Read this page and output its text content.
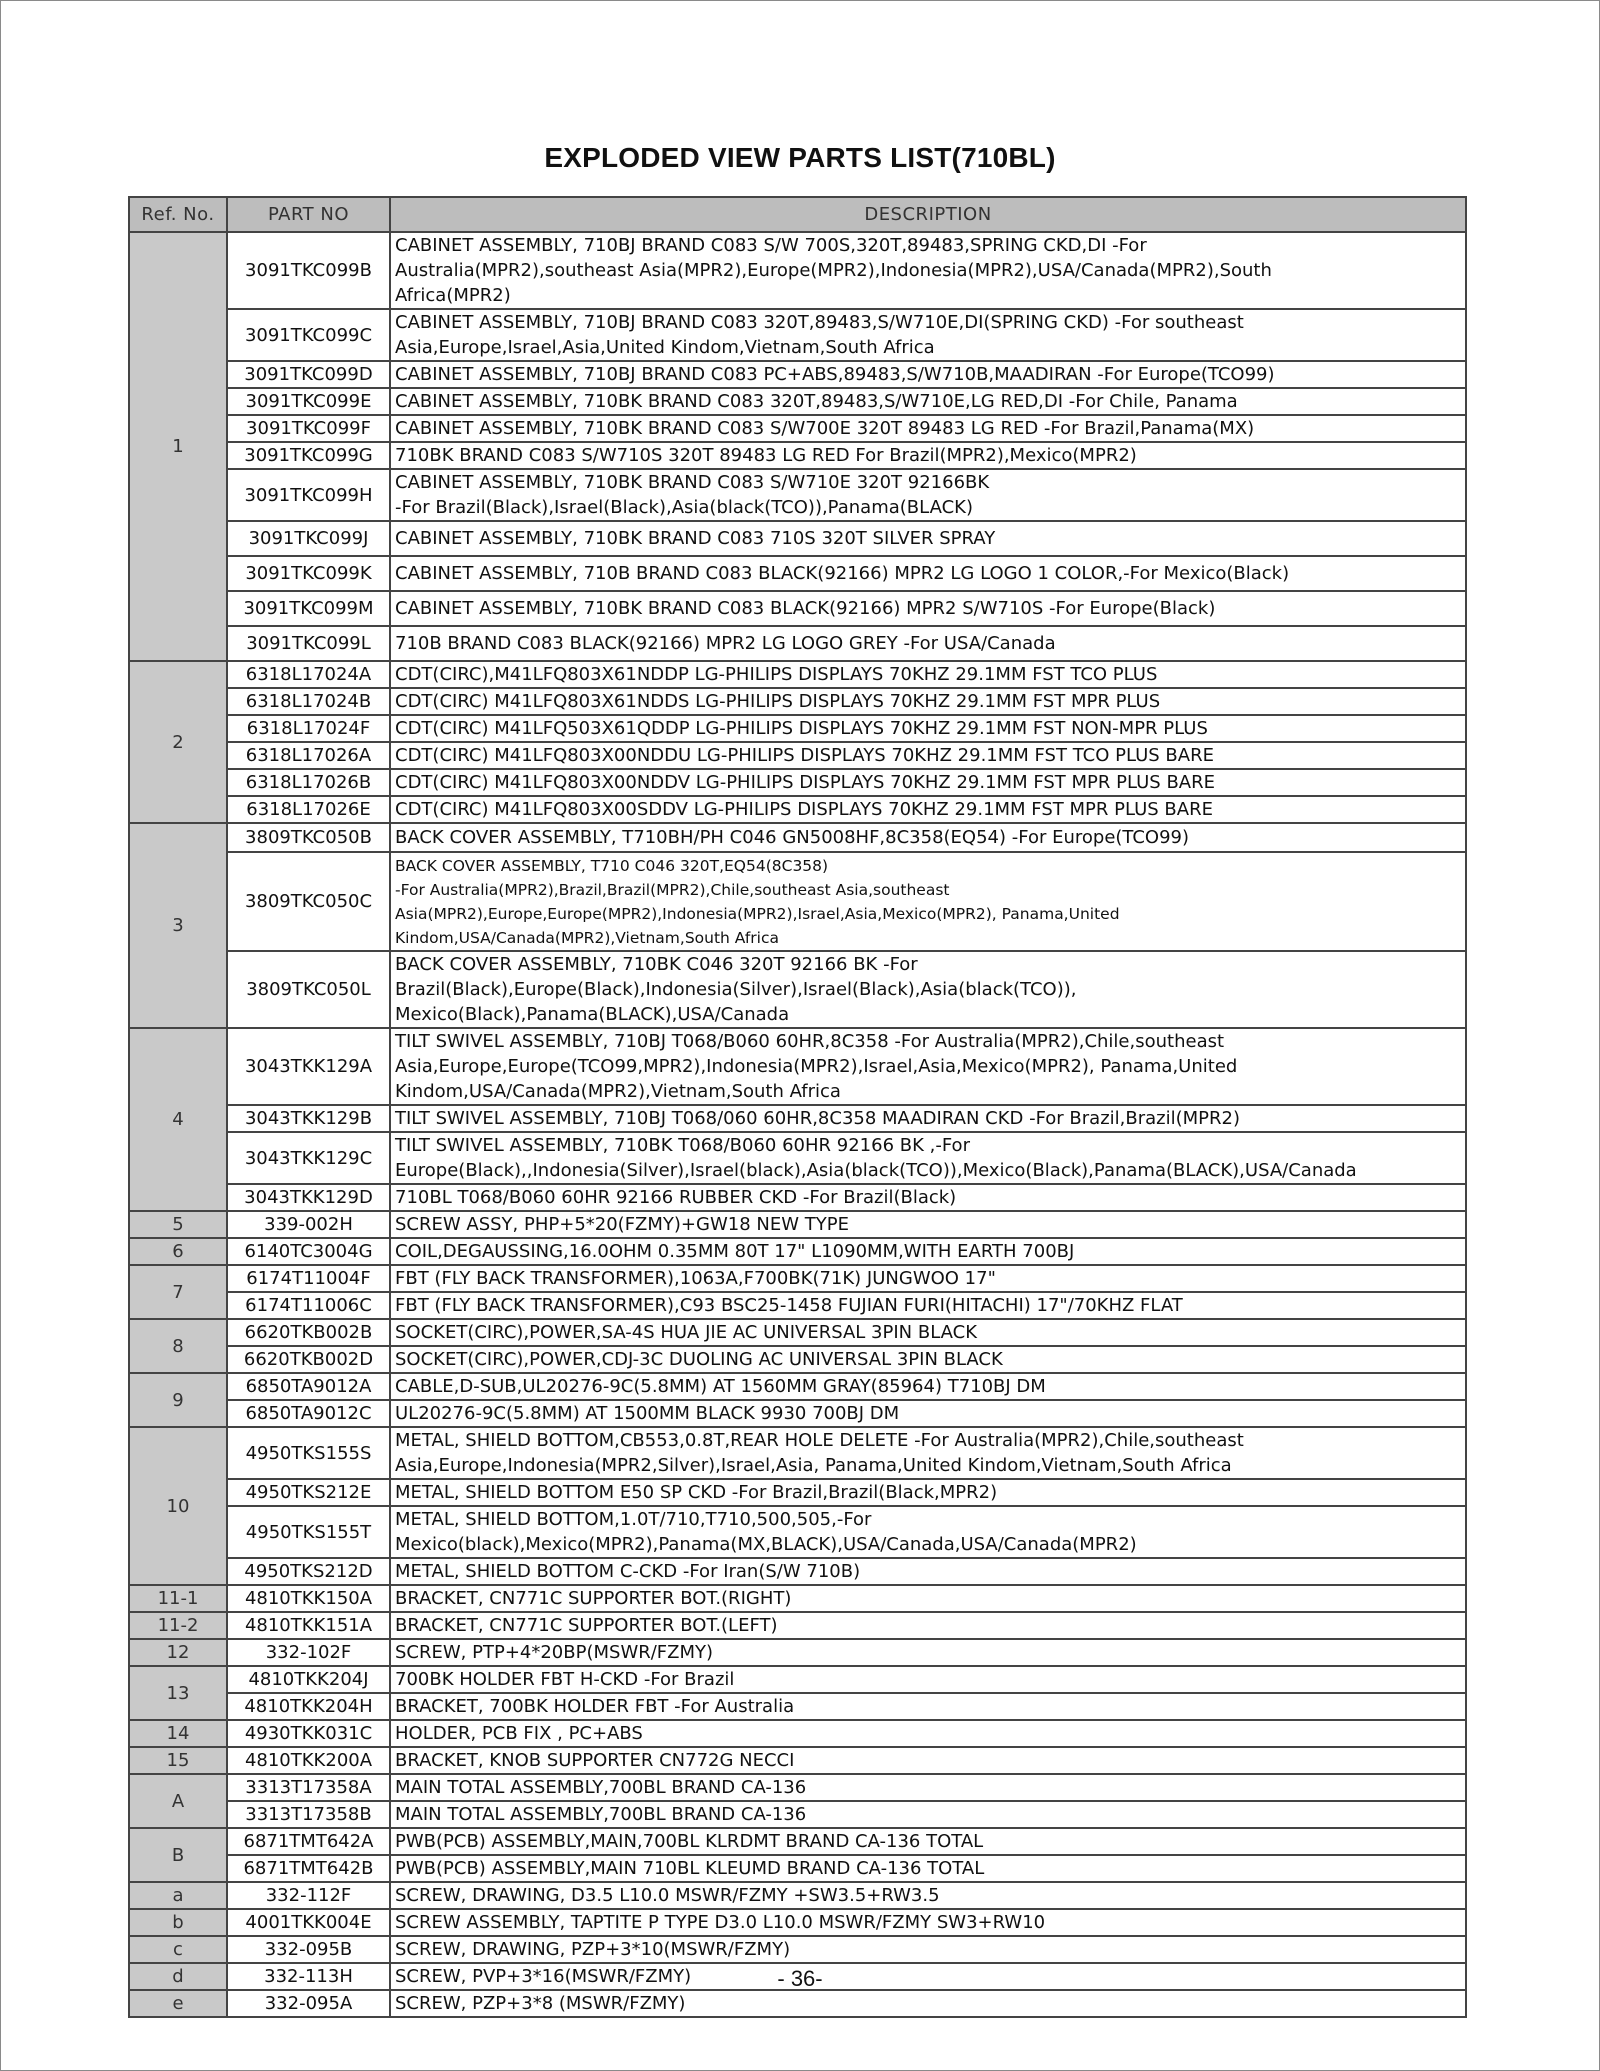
EXPLODED VIEW PARTS LIST(710BL)
Ref. No.	PART NO	DESCRIPTION
1	3091TKC099B	CABINET ASSEMBLY, 710BJ BRAND C083 S/W 700S,320T,89483,SPRING CKD,DI -For
Australia(MPR2),southeast Asia(MPR2),Europe(MPR2),Indonesia(MPR2),USA/Canada(MPR2),South
Africa(MPR2)
	3091TKC099C	CABINET ASSEMBLY, 710BJ BRAND C083 320T,89483,S/W710E,DI(SPRING CKD) -For southeast
Asia,Europe,Israel,Asia,United Kindom,Vietnam,South Africa
	3091TKC099D	CABINET ASSEMBLY, 710BJ BRAND C083 PC+ABS,89483,S/W710B,MAADIRAN -For Europe(TCO99)
	3091TKC099E	CABINET ASSEMBLY, 710BK BRAND C083 320T,89483,S/W710E,LG RED,DI -For Chile, Panama
	3091TKC099F	CABINET ASSEMBLY, 710BK BRAND C083 S/W700E 320T 89483 LG RED -For Brazil,Panama(MX)
	3091TKC099G	710BK BRAND C083 S/W710S 320T 89483 LG RED For Brazil(MPR2),Mexico(MPR2)
	3091TKC099H	CABINET ASSEMBLY, 710BK BRAND C083 S/W710E 320T 92166BK
-For Brazil(Black),Israel(Black),Asia(black(TCO)),Panama(BLACK)
	3091TKC099J	CABINET ASSEMBLY, 710BK BRAND C083 710S 320T SILVER SPRAY
	3091TKC099K	CABINET ASSEMBLY, 710B BRAND C083 BLACK(92166) MPR2 LG LOGO 1 COLOR,-For Mexico(Black)
	3091TKC099M	CABINET ASSEMBLY, 710BK BRAND C083 BLACK(92166) MPR2 S/W710S -For Europe(Black)
	3091TKC099L	710B BRAND C083 BLACK(92166) MPR2 LG LOGO GREY -For USA/Canada
2	6318L17024A	CDT(CIRC),M41LFQ803X61NDDP LG-PHILIPS DISPLAYS 70KHZ 29.1MM FST TCO PLUS
	6318L17024B	CDT(CIRC) M41LFQ803X61NDDS LG-PHILIPS DISPLAYS 70KHZ 29.1MM FST MPR PLUS
	6318L17024F	CDT(CIRC) M41LFQ503X61QDDP LG-PHILIPS DISPLAYS 70KHZ 29.1MM FST NON-MPR PLUS
	6318L17026A	CDT(CIRC) M41LFQ803X00NDDU LG-PHILIPS DISPLAYS 70KHZ 29.1MM FST TCO PLUS BARE
	6318L17026B	CDT(CIRC) M41LFQ803X00NDDV LG-PHILIPS DISPLAYS 70KHZ 29.1MM FST MPR PLUS BARE
	6318L17026E	CDT(CIRC) M41LFQ803X00SDDV LG-PHILIPS DISPLAYS 70KHZ 29.1MM FST MPR PLUS BARE
3	3809TKC050B	BACK COVER ASSEMBLY, T710BH/PH C046 GN5008HF,8C358(EQ54) -For Europe(TCO99)
	3809TKC050C	BACK COVER ASSEMBLY, T710 C046 320T,EQ54(8C358)
-For Australia(MPR2),Brazil,Brazil(MPR2),Chile,southeast Asia,southeast
Asia(MPR2),Europe,Europe(MPR2),Indonesia(MPR2),Israel,Asia,Mexico(MPR2), Panama,United
Kindom,USA/Canada(MPR2),Vietnam,South Africa
	3809TKC050L	BACK COVER ASSEMBLY, 710BK C046 320T 92166 BK -For
Brazil(Black),Europe(Black),Indonesia(Silver),Israel(Black),Asia(black(TCO)),
Mexico(Black),Panama(BLACK),USA/Canada
4	3043TKK129A	TILT SWIVEL ASSEMBLY, 710BJ T068/B060 60HR,8C358 -For Australia(MPR2),Chile,southeast
Asia,Europe,Europe(TCO99,MPR2),Indonesia(MPR2),Israel,Asia,Mexico(MPR2), Panama,United
Kindom,USA/Canada(MPR2),Vietnam,South Africa
	3043TKK129B	TILT SWIVEL ASSEMBLY, 710BJ T068/060 60HR,8C358 MAADIRAN CKD -For Brazil,Brazil(MPR2)
	3043TKK129C	TILT SWIVEL ASSEMBLY, 710BK T068/B060 60HR 92166 BK ,-For
Europe(Black),,Indonesia(Silver),Israel(black),Asia(black(TCO)),Mexico(Black),Panama(BLACK),USA/Canada
	3043TKK129D	710BL T068/B060 60HR 92166 RUBBER CKD -For Brazil(Black)
5	339-002H	SCREW ASSY, PHP+5*20(FZMY)+GW18 NEW TYPE
6	6140TC3004G	COIL,DEGAUSSING,16.0OHM 0.35MM 80T 17" L1090MM,WITH EARTH 700BJ
7	6174T11004F	FBT (FLY BACK TRANSFORMER),1063A,F700BK(71K) JUNGWOO 17"
	6174T11006C	FBT (FLY BACK TRANSFORMER),C93 BSC25-1458 FUJIAN FURI(HITACHI) 17"/70KHZ FLAT
8	6620TKB002B	SOCKET(CIRC),POWER,SA-4S HUA JIE AC UNIVERSAL 3PIN BLACK
	6620TKB002D	SOCKET(CIRC),POWER,CDJ-3C DUOLING AC UNIVERSAL 3PIN BLACK
9	6850TA9012A	CABLE,D-SUB,UL20276-9C(5.8MM) AT 1560MM GRAY(85964) T710BJ DM
	6850TA9012C	UL20276-9C(5.8MM) AT 1500MM BLACK 9930 700BJ DM
10	4950TKS155S	METAL, SHIELD BOTTOM,CB553,0.8T,REAR HOLE DELETE -For Australia(MPR2),Chile,southeast
Asia,Europe,Indonesia(MPR2,Silver),Israel,Asia, Panama,United Kindom,Vietnam,South Africa
	4950TKS212E	METAL, SHIELD BOTTOM E50 SP CKD -For Brazil,Brazil(Black,MPR2)
	4950TKS155T	METAL, SHIELD BOTTOM,1.0T/710,T710,500,505,-For
Mexico(black),Mexico(MPR2),Panama(MX,BLACK),USA/Canada,USA/Canada(MPR2)
	4950TKS212D	METAL, SHIELD BOTTOM C-CKD -For Iran(S/W 710B)
11-1	4810TKK150A	BRACKET, CN771C SUPPORTER BOT.(RIGHT)
11-2	4810TKK151A	BRACKET, CN771C SUPPORTER BOT.(LEFT)
12	332-102F	SCREW, PTP+4*20BP(MSWR/FZMY)
13	4810TKK204J	700BK HOLDER FBT H-CKD -For Brazil
	4810TKK204H	BRACKET, 700BK HOLDER FBT -For Australia
14	4930TKK031C	HOLDER, PCB FIX , PC+ABS
15	4810TKK200A	BRACKET, KNOB SUPPORTER CN772G NECCI
A	3313T17358A	MAIN TOTAL ASSEMBLY,700BL BRAND CA-136
	3313T17358B	MAIN TOTAL ASSEMBLY,700BL BRAND CA-136
B	6871TMT642A	PWB(PCB) ASSEMBLY,MAIN,700BL KLRDMT BRAND CA-136 TOTAL
	6871TMT642B	PWB(PCB) ASSEMBLY,MAIN 710BL KLEUMD BRAND CA-136 TOTAL
a	332-112F	SCREW, DRAWING, D3.5 L10.0 MSWR/FZMY +SW3.5+RW3.5
b	4001TKK004E	SCREW ASSEMBLY, TAPTITE P TYPE D3.0 L10.0 MSWR/FZMY SW3+RW10
c	332-095B	SCREW, DRAWING, PZP+3*10(MSWR/FZMY)
d	332-113H	SCREW, PVP+3*16(MSWR/FZMY)
e	332-095A	SCREW, PZP+3*8 (MSWR/FZMY)
- 36-
